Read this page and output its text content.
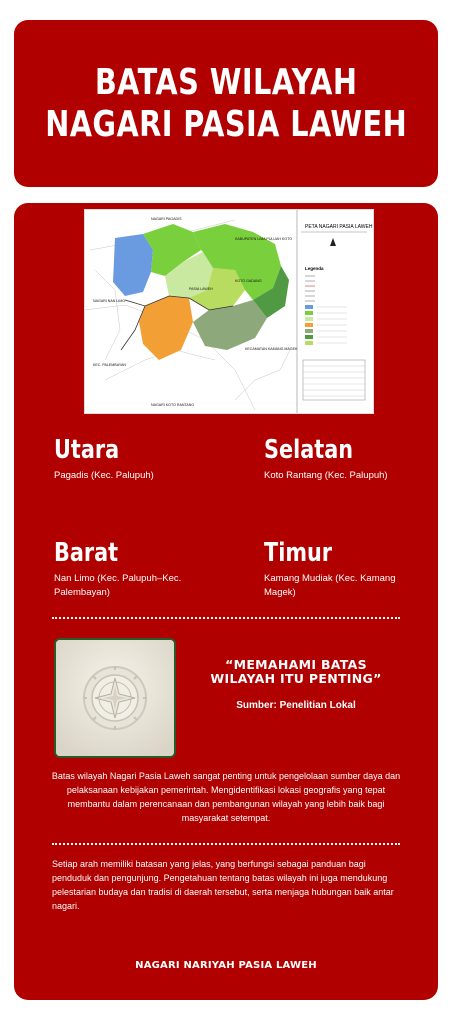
BATAS WILAYAH
NAGARI PASIA LAWEH
PETA NAGARI PASIA LAWEH
Legenda
NAGARI PAGADIS
KABUPATEN LIMA PULUAH KOTO
KOTO GADANG
PASIA LAWEH
NAGARI NAN LIMO
KEC. PALEMBAYAN
NAGARI KOTO RANTANG
KECAMATAN KAMANG MAGEK
Utara
Pagadis (Kec. Palupuh)
Selatan
Koto Rantang (Kec. Palupuh)
Barat
Nan Limo (Kec. Palupuh–Kec. Palembayan)
Timur
Kamang Mudiak (Kec. Kamang Magek)
“MEMAHAMI BATAS WILAYAH ITU PENTING”
Sumber: Penelitian Lokal
Batas wilayah Nagari Pasia Laweh sangat penting untuk pengelolaan sumber daya dan pelaksanaan kebijakan pemerintah. Mengidentifikasi lokasi geografis yang tepat membantu dalam perencanaan dan pembangunan wilayah yang lebih baik bagi masyarakat setempat.
Setiap arah memiliki batasan yang jelas, yang berfungsi sebagai panduan bagi penduduk dan pengunjung. Pengetahuan tentang batas wilayah ini juga mendukung pelestarian budaya dan tradisi di daerah tersebut, serta menjaga hubungan baik antar nagari.
NAGARI NARIYAH PASIA LAWEH
